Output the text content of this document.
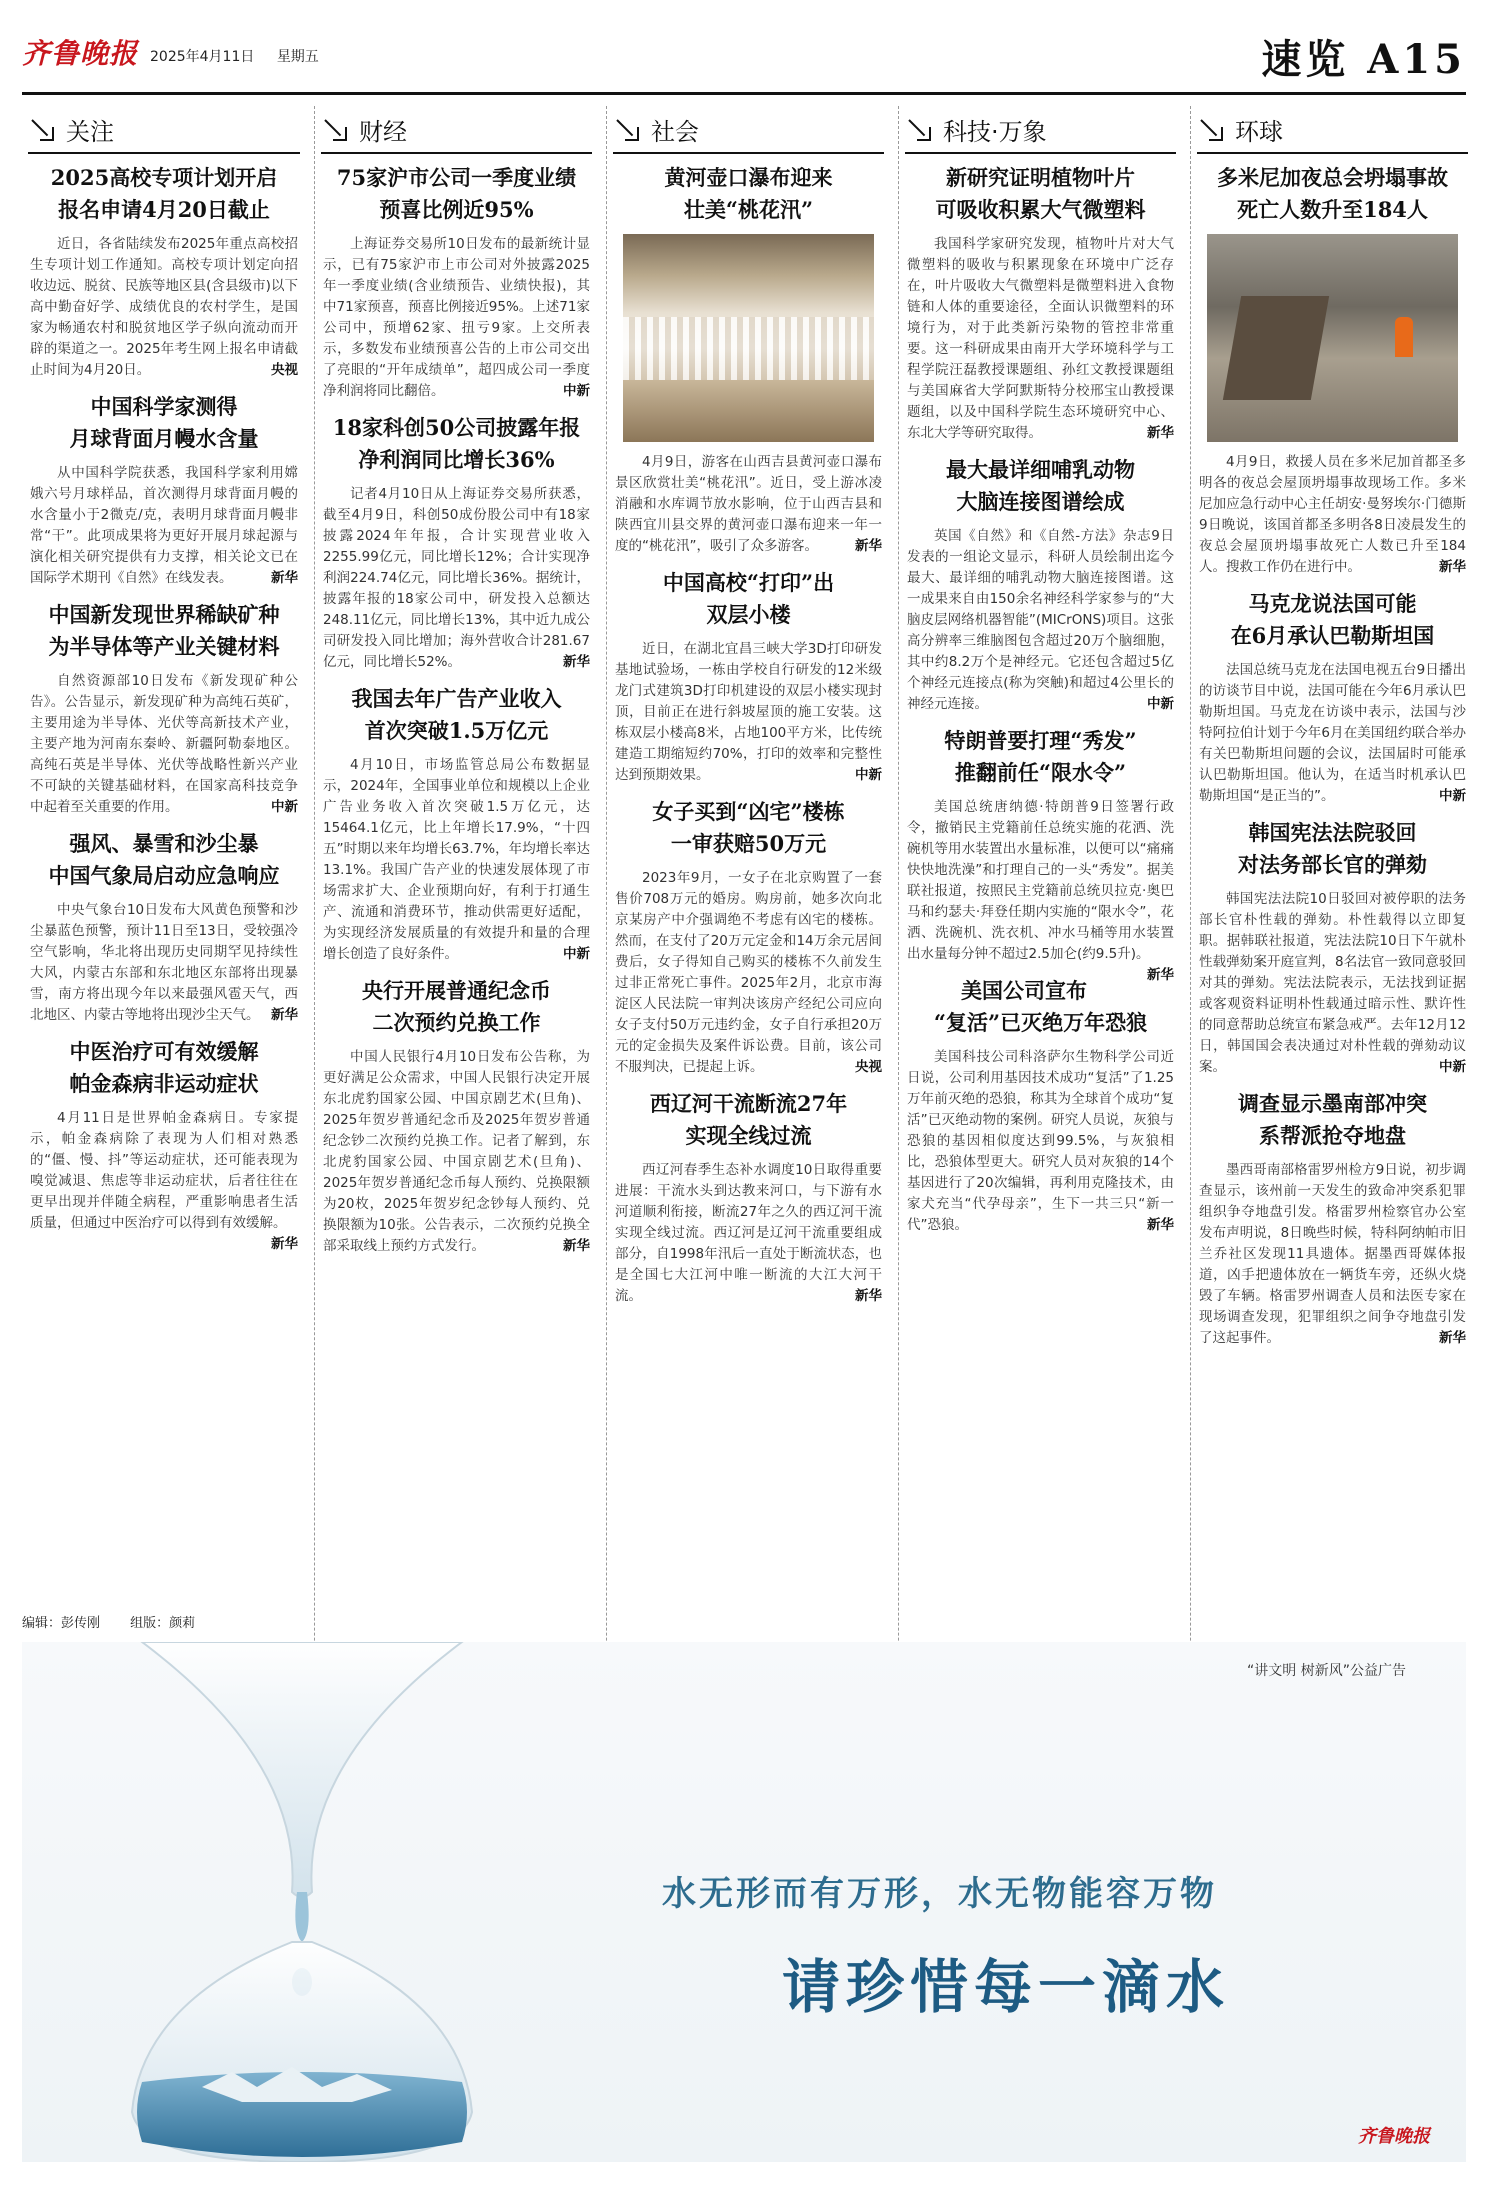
齐鲁晚报 2025年4月11日 星期五	速览 A15
关注
2025高校专项计划开启
报名申请4月20日截止
近日，各省陆续发布2025年重点高校招生专项计划工作通知。高校专项计划定向招收边远、脱贫、民族等地区县(含县级市)以下高中勤奋好学、成绩优良的农村学生，是国家为畅通农村和脱贫地区学子纵向流动而开辟的渠道之一。2025年考生网上报名申请截止时间为4月20日。	央视
中国科学家测得
月球背面月幔水含量
从中国科学院获悉，我国科学家利用嫦娥六号月球样品，首次测得月球背面月幔的水含量小于2微克/克，表明月球背面月幔非常“干”。此项成果将为更好开展月球起源与演化相关研究提供有力支撑，相关论文已在国际学术期刊《自然》在线发表。	新华
中国新发现世界稀缺矿种
为半导体等产业关键材料
自然资源部10日发布《新发现矿种公告》。公告显示，新发现矿种为高纯石英矿，主要用途为半导体、光伏等高新技术产业，主要产地为河南东秦岭、新疆阿勒泰地区。高纯石英是半导体、光伏等战略性新兴产业不可缺的关键基础材料，在国家高科技竞争中起着至关重要的作用。	中新
强风、暴雪和沙尘暴
中国气象局启动应急响应
中央气象台10日发布大风黄色预警和沙尘暴蓝色预警，预计11日至13日，受较强冷空气影响，华北将出现历史同期罕见持续性大风，内蒙古东部和东北地区东部将出现暴雪，南方将出现今年以来最强风雹天气，西北地区、内蒙古等地将出现沙尘天气。 新华
中医治疗可有效缓解
帕金森病非运动症状
4月11日是世界帕金森病日。专家提示，帕金森病除了表现为人们相对熟悉的“僵、慢、抖”等运动症状，还可能表现为嗅觉减退、焦虑等非运动症状，后者往往在更早出现并伴随全病程，严重影响患者生活质量，但通过中医治疗可以得到有效缓解。
新华
财经
75家沪市公司一季度业绩
预喜比例近95%
上海证券交易所10日发布的最新统计显示，已有75家沪市上市公司对外披露2025年一季度业绩(含业绩预告、业绩快报)，其中71家预喜，预喜比例接近95%。上述71家公司中，预增62家、扭亏9家。上交所表示，多数发布业绩预喜公告的上市公司交出了亮眼的“开年成绩单”，超四成公司一季度净利润将同比翻倍。	中新
18家科创50公司披露年报
净利润同比增长36%
记者4月10日从上海证券交易所获悉，截至4月9日，科创50成份股公司中有18家披露2024年年报，合计实现营业收入2255.99亿元，同比增长12%；合计实现净利润224.74亿元，同比增长36%。据统计，披露年报的18家公司中，研发投入总额达248.11亿元，同比增长13%，其中近九成公司研发投入同比增加；海外营收合计281.67亿元，同比增长52%。	新华
我国去年广告产业收入
首次突破1.5万亿元
4月10日，市场监管总局公布数据显示，2024年，全国事业单位和规模以上企业广告业务收入首次突破1.5万亿元，达15464.1亿元，比上年增长17.9%，“十四五”时期以来年均增长63.7%，年均增长率达13.1%。我国广告产业的快速发展体现了市场需求扩大、企业预期向好，有利于打通生产、流通和消费环节，推动供需更好适配，为实现经济发展质量的有效提升和量的合理增长创造了良好条件。	中新
央行开展普通纪念币
二次预约兑换工作
中国人民银行4月10日发布公告称，为更好满足公众需求，中国人民银行决定开展东北虎豹国家公园、中国京剧艺术(旦角)、2025年贺岁普通纪念币及2025年贺岁普通纪念钞二次预约兑换工作。记者了解到，东北虎豹国家公园、中国京剧艺术(旦角)、2025年贺岁普通纪念币每人预约、兑换限额为20枚，2025年贺岁纪念钞每人预约、兑换限额为10张。公告表示，二次预约兑换全部采取线上预约方式发行。	新华
社会
黄河壶口瀑布迎来
壮美“桃花汛”
4月9日，游客在山西吉县黄河壶口瀑布景区欣赏壮美“桃花汛”。近日，受上游冰凌消融和水库调节放水影响，位于山西吉县和陕西宜川县交界的黄河壶口瀑布迎来一年一度的“桃花汛”，吸引了众多游客。	新华
中国高校“打印”出
双层小楼
近日，在湖北宜昌三峡大学3D打印研发基地试验场，一栋由学校自行研发的12米级龙门式建筑3D打印机建设的双层小楼实现封顶，目前正在进行斜坡屋顶的施工安装。这栋双层小楼高8米，占地100平方米，比传统建造工期缩短约70%，打印的效率和完整性达到预期效果。	中新
女子买到“凶宅”楼栋
一审获赔50万元
2023年9月，一女子在北京购置了一套售价708万元的婚房。购房前，她多次向北京某房产中介强调绝不考虑有凶宅的楼栋。然而，在支付了20万元定金和14万余元居间费后，女子得知自己购买的楼栋不久前发生过非正常死亡事件。2025年2月，北京市海淀区人民法院一审判决该房产经纪公司应向女子支付50万元违约金，女子自行承担20万元的定金损失及案件诉讼费。目前，该公司不服判决，已提起上诉。	央视
西辽河干流断流27年
实现全线过流
西辽河春季生态补水调度10日取得重要进展：干流水头到达教来河口，与下游有水河道顺利衔接，断流27年之久的西辽河干流实现全线过流。西辽河是辽河干流重要组成部分，自1998年汛后一直处于断流状态，也是全国七大江河中唯一断流的大江大河干流。	新华
科技·万象
新研究证明植物叶片
可吸收积累大气微塑料
我国科学家研究发现，植物叶片对大气微塑料的吸收与积累现象在环境中广泛存在，叶片吸收大气微塑料是微塑料进入食物链和人体的重要途径，全面认识微塑料的环境行为，对于此类新污染物的管控非常重要。这一科研成果由南开大学环境科学与工程学院汪磊教授课题组、孙红文教授课题组与美国麻省大学阿默斯特分校邢宝山教授课题组，以及中国科学院生态环境研究中心、东北大学等研究取得。	新华
最大最详细哺乳动物
大脑连接图谱绘成
英国《自然》和《自然-方法》杂志9日发表的一组论文显示，科研人员绘制出迄今最大、最详细的哺乳动物大脑连接图谱。这一成果来自由150余名神经科学家参与的“大脑皮层网络机器智能”(MICrONS)项目。这张高分辨率三维脑图包含超过20万个脑细胞，其中约8.2万个是神经元。它还包含超过5亿个神经元连接点(称为突触)和超过4公里长的神经元连接。	中新
特朗普要打理“秀发”
推翻前任“限水令”
美国总统唐纳德·特朗普9日签署行政令，撤销民主党籍前任总统实施的花洒、洗碗机等用水装置出水量标准，以便可以“痛痛快快地洗澡”和打理自己的一头“秀发”。据美联社报道，按照民主党籍前总统贝拉克·奥巴马和约瑟夫·拜登任期内实施的“限水令”，花洒、洗碗机、洗衣机、冲水马桶等用水装置出水量每分钟不超过2.5加仑(约9.5升)。
新华
美国公司宣布
“复活”已灭绝万年恐狼
美国科技公司科洛萨尔生物科学公司近日说，公司利用基因技术成功“复活”了1.25万年前灭绝的恐狼，称其为全球首个成功“复活”已灭绝动物的案例。研究人员说，灰狼与恐狼的基因相似度达到99.5%，与灰狼相比，恐狼体型更大。研究人员对灰狼的14个基因进行了20次编辑，再利用克隆技术，由家犬充当“代孕母亲”，生下一共三只“新一代”恐狼。	新华
环球
多米尼加夜总会坍塌事故
死亡人数升至184人
4月9日，救援人员在多米尼加首都圣多明各的夜总会屋顶坍塌事故现场工作。多米尼加应急行动中心主任胡安·曼努埃尔·门德斯9日晚说，该国首都圣多明各8日凌晨发生的夜总会屋顶坍塌事故死亡人数已升至184人。搜救工作仍在进行中。	新华
马克龙说法国可能
在6月承认巴勒斯坦国
法国总统马克龙在法国电视五台9日播出的访谈节目中说，法国可能在今年6月承认巴勒斯坦国。马克龙在访谈中表示，法国与沙特阿拉伯计划于今年6月在美国纽约联合举办有关巴勒斯坦问题的会议，法国届时可能承认巴勒斯坦国。他认为，在适当时机承认巴勒斯坦国“是正当的”。	中新
韩国宪法法院驳回
对法务部长官的弹劾
韩国宪法法院10日驳回对被停职的法务部长官朴性载的弹劾。朴性载得以立即复职。据韩联社报道，宪法法院10日下午就朴性载弹劾案开庭宣判，8名法官一致同意驳回对其的弹劾。宪法法院表示，无法找到证据或客观资料证明朴性载通过暗示性、默许性的同意帮助总统宣布紧急戒严。去年12月12日，韩国国会表决通过对朴性载的弹劾动议案。	中新
调查显示墨南部冲突
系帮派抢夺地盘
墨西哥南部格雷罗州检方9日说，初步调查显示，该州前一天发生的致命冲突系犯罪组织争夺地盘引发。格雷罗州检察官办公室发布声明说，8日晚些时候，特科阿纳帕市旧兰乔社区发现11具遗体。据墨西哥媒体报道，凶手把遗体放在一辆货车旁，还纵火烧毁了车辆。格雷罗州调查人员和法医专家在现场调查发现，犯罪组织之间争夺地盘引发了这起事件。	新华
编辑：彭传刚 组版：颜莉
“讲文明 树新风”公益广告
水无形而有万形，水无物能容万物
请珍惜每一滴水
齐鲁晚报
